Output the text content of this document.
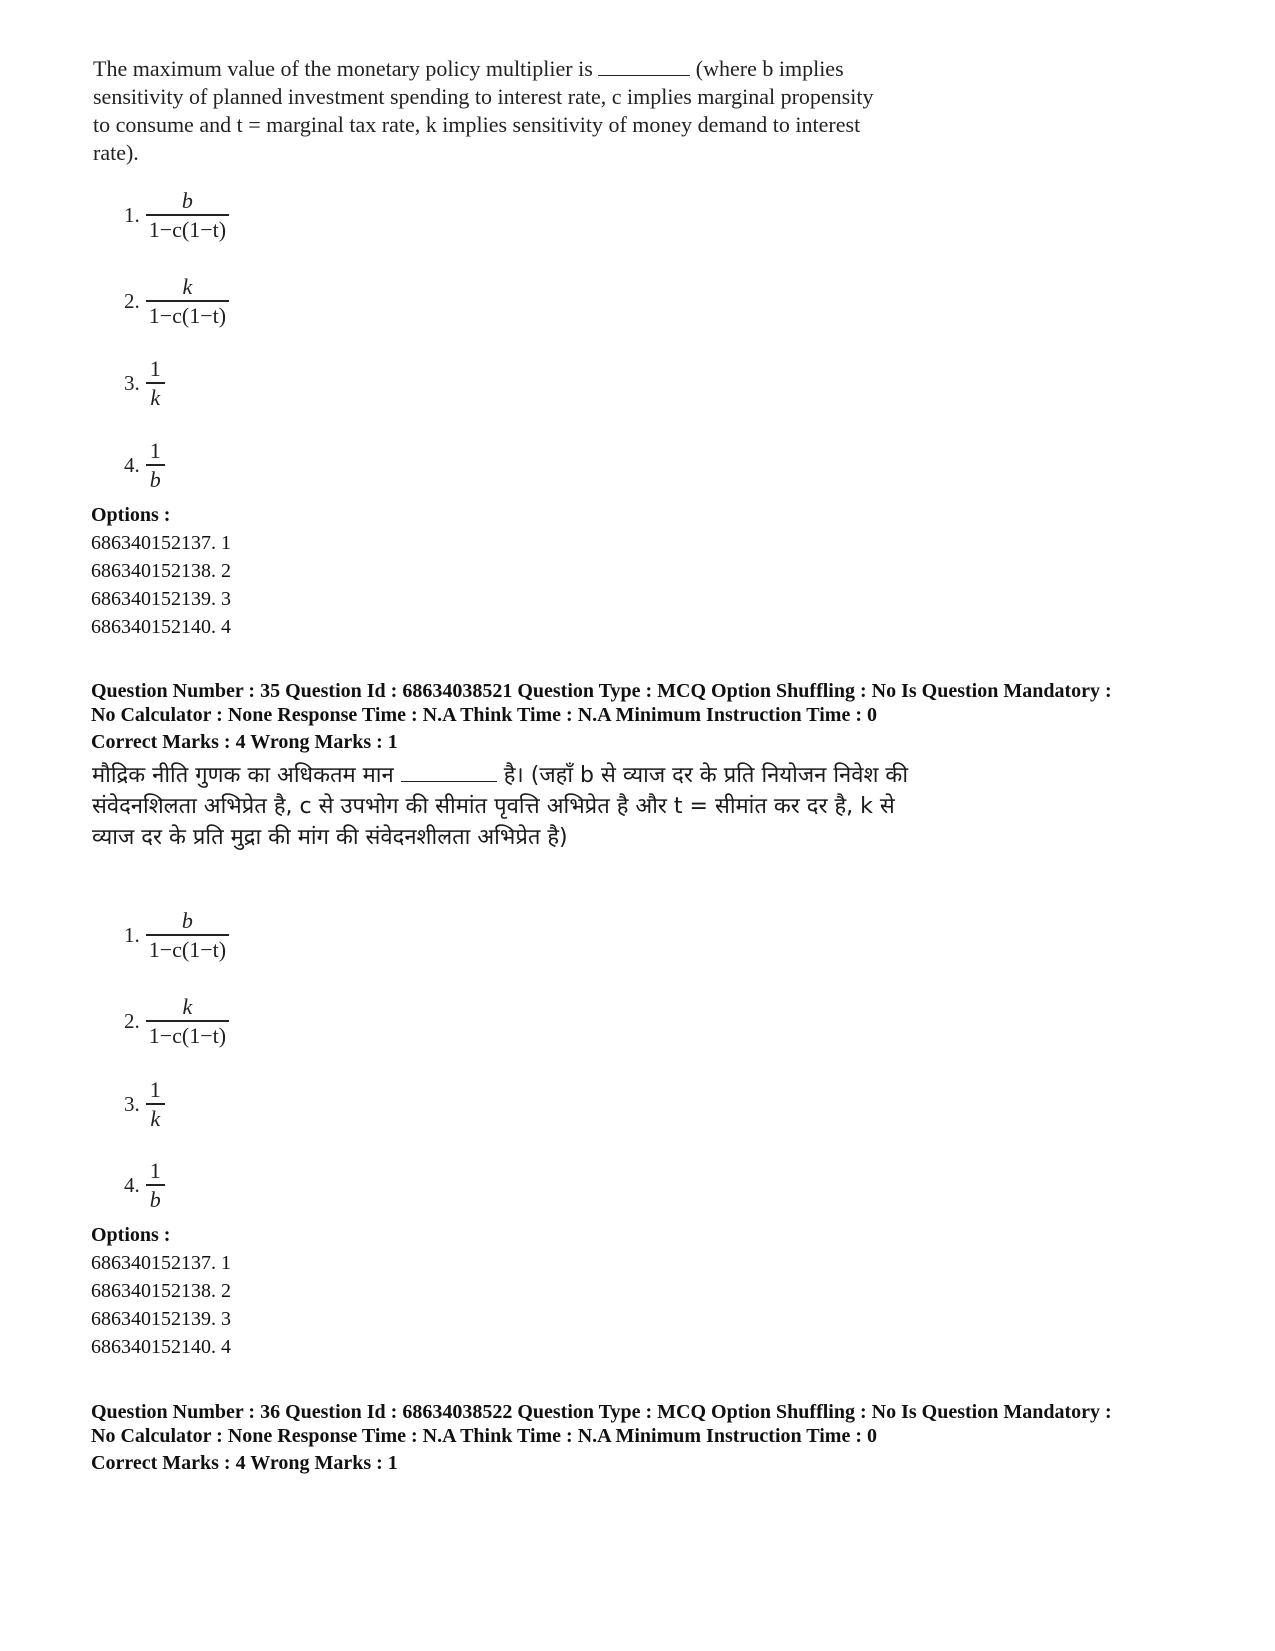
The maximum value of the monetary policy multiplier is	(where b implies sensitivity of planned investment spending to interest rate, c implies marginal propensity to consume and t = marginal tax rate, k implies sensitivity of money demand to interest rate).
1. $\frac{b}{1-c(1-t)}$
2. $\frac{k}{1-c(1-t)}$
3. $\frac{1}{k}$
4. $\frac{1}{b}$
Options :
686340152137. 1
686340152138. 2
686340152139. 3
686340152140. 4
Question Number : 35 Question Id : 68634038521 Question Type : MCQ Option Shuffling : No Is Question Mandatory :
No Calculator : None Response Time : N.A Think Time : N.A Minimum Instruction Time : 0
Correct Marks : 4 Wrong Marks : 1
मौद्रिक नीति गुणक का अधिकतम मान	है। (जहाँ b से व्याज दर के प्रति नियोजन निवेश की संवेदनशिलता अभिप्रेत है, c से उपभोग की सीमांत पृवत्ति अभिप्रेत है और t = सीमांत कर दर है, k से व्याज दर के प्रति मुद्रा की मांग की संवेदनशीलता अभिप्रेत है)
1. $\frac{b}{1-c(1-t)}$
2. $\frac{k}{1-c(1-t)}$
3. $\frac{1}{k}$
4. $\frac{1}{b}$
Options :
686340152137. 1
686340152138. 2
686340152139. 3
686340152140. 4
Question Number : 36 Question Id : 68634038522 Question Type : MCQ Option Shuffling : No Is Question Mandatory :
No Calculator : None Response Time : N.A Think Time : N.A Minimum Instruction Time : 0
Correct Marks : 4 Wrong Marks : 1
